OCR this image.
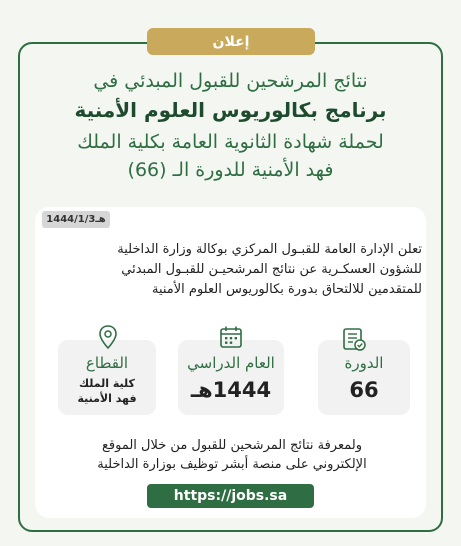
إعلان
نتائج المرشحين للقبول المبدئي في
برنامج بكالوريوس العلوم الأمنية
لحملة شهادة الثانوية العامة بكلية الملك
فهد الأمنية للدورة الـ (66)
1444/1/3هـ
تعلن الإدارة العامة للقبـول المركزي بوكالة وزارة الداخلية
للشؤون العسكـرية عن نتائج المرشحيـن للقبـول المبدئي
للمتقدمين للالتحاق بدورة بكالوريوس العلوم الأمنية
الدورة
66
العام الدراسي
1444هـ
القطاع
كلية الملك
فهد الأمنية
ولمعرفة نتائج المرشحين للقبول من خلال الموقع
الإلكتروني على منصة أبشر توظيف بوزارة الداخلية
https://jobs.sa
